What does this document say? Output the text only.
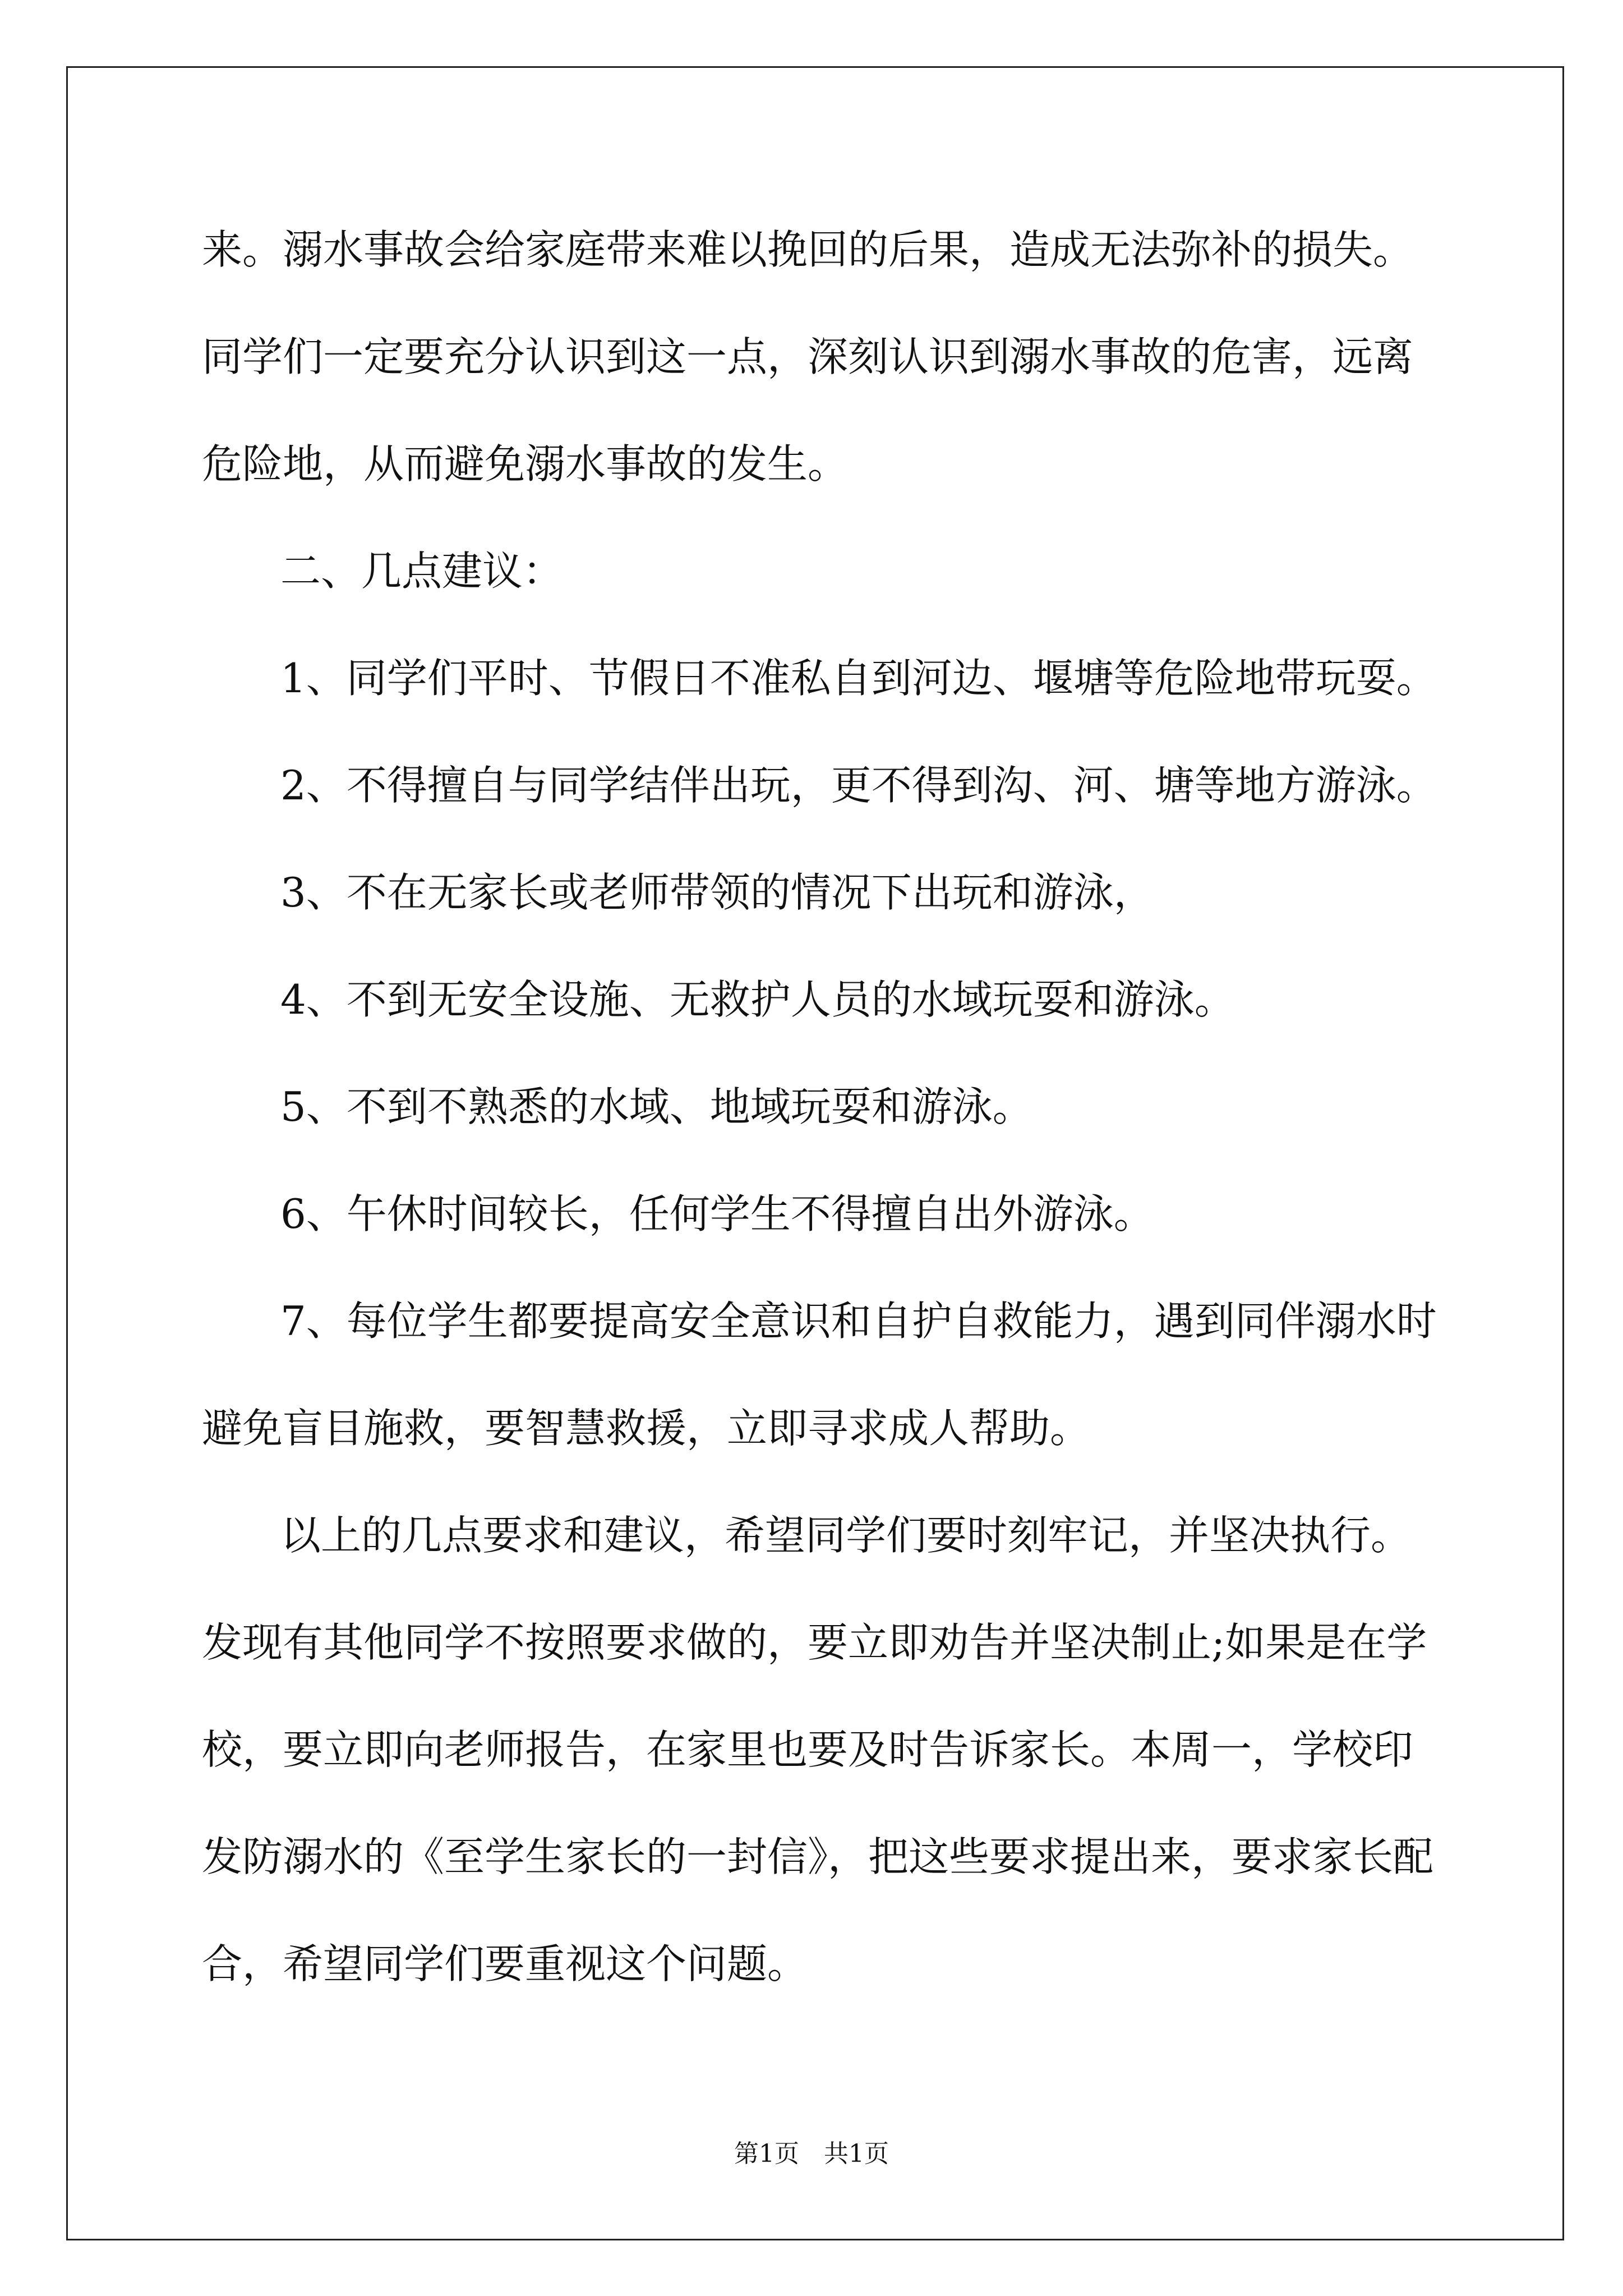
来。溺水事故会给家庭带来难以挽回的后果，造成无法弥补的损失。
同学们一定要充分认识到这一点，深刻认识到溺水事故的危害，远离
危险地，从而避免溺水事故的发生。
二、几点建议：
1、同学们平时、节假日不准私自到河边、堰塘等危险地带玩耍。
2、不得擅自与同学结伴出玩，更不得到沟、河、塘等地方游泳。
3、不在无家长或老师带领的情况下出玩和游泳，
4、不到无安全设施、无救护人员的水域玩耍和游泳。
5、不到不熟悉的水域、地域玩耍和游泳。
6、午休时间较长，任何学生不得擅自出外游泳。
7、每位学生都要提高安全意识和自护自救能力，遇到同伴溺水时
避免盲目施救，要智慧救援，立即寻求成人帮助。
以上的几点要求和建议，希望同学们要时刻牢记，并坚决执行。
发现有其他同学不按照要求做的，要立即劝告并坚决制止;如果是在学
校，要立即向老师报告，在家里也要及时告诉家长。本周一，学校印
发防溺水的《至学生家长的一封信》，把这些要求提出来，要求家长配
合，希望同学们要重视这个问题。
第1页　共1页
